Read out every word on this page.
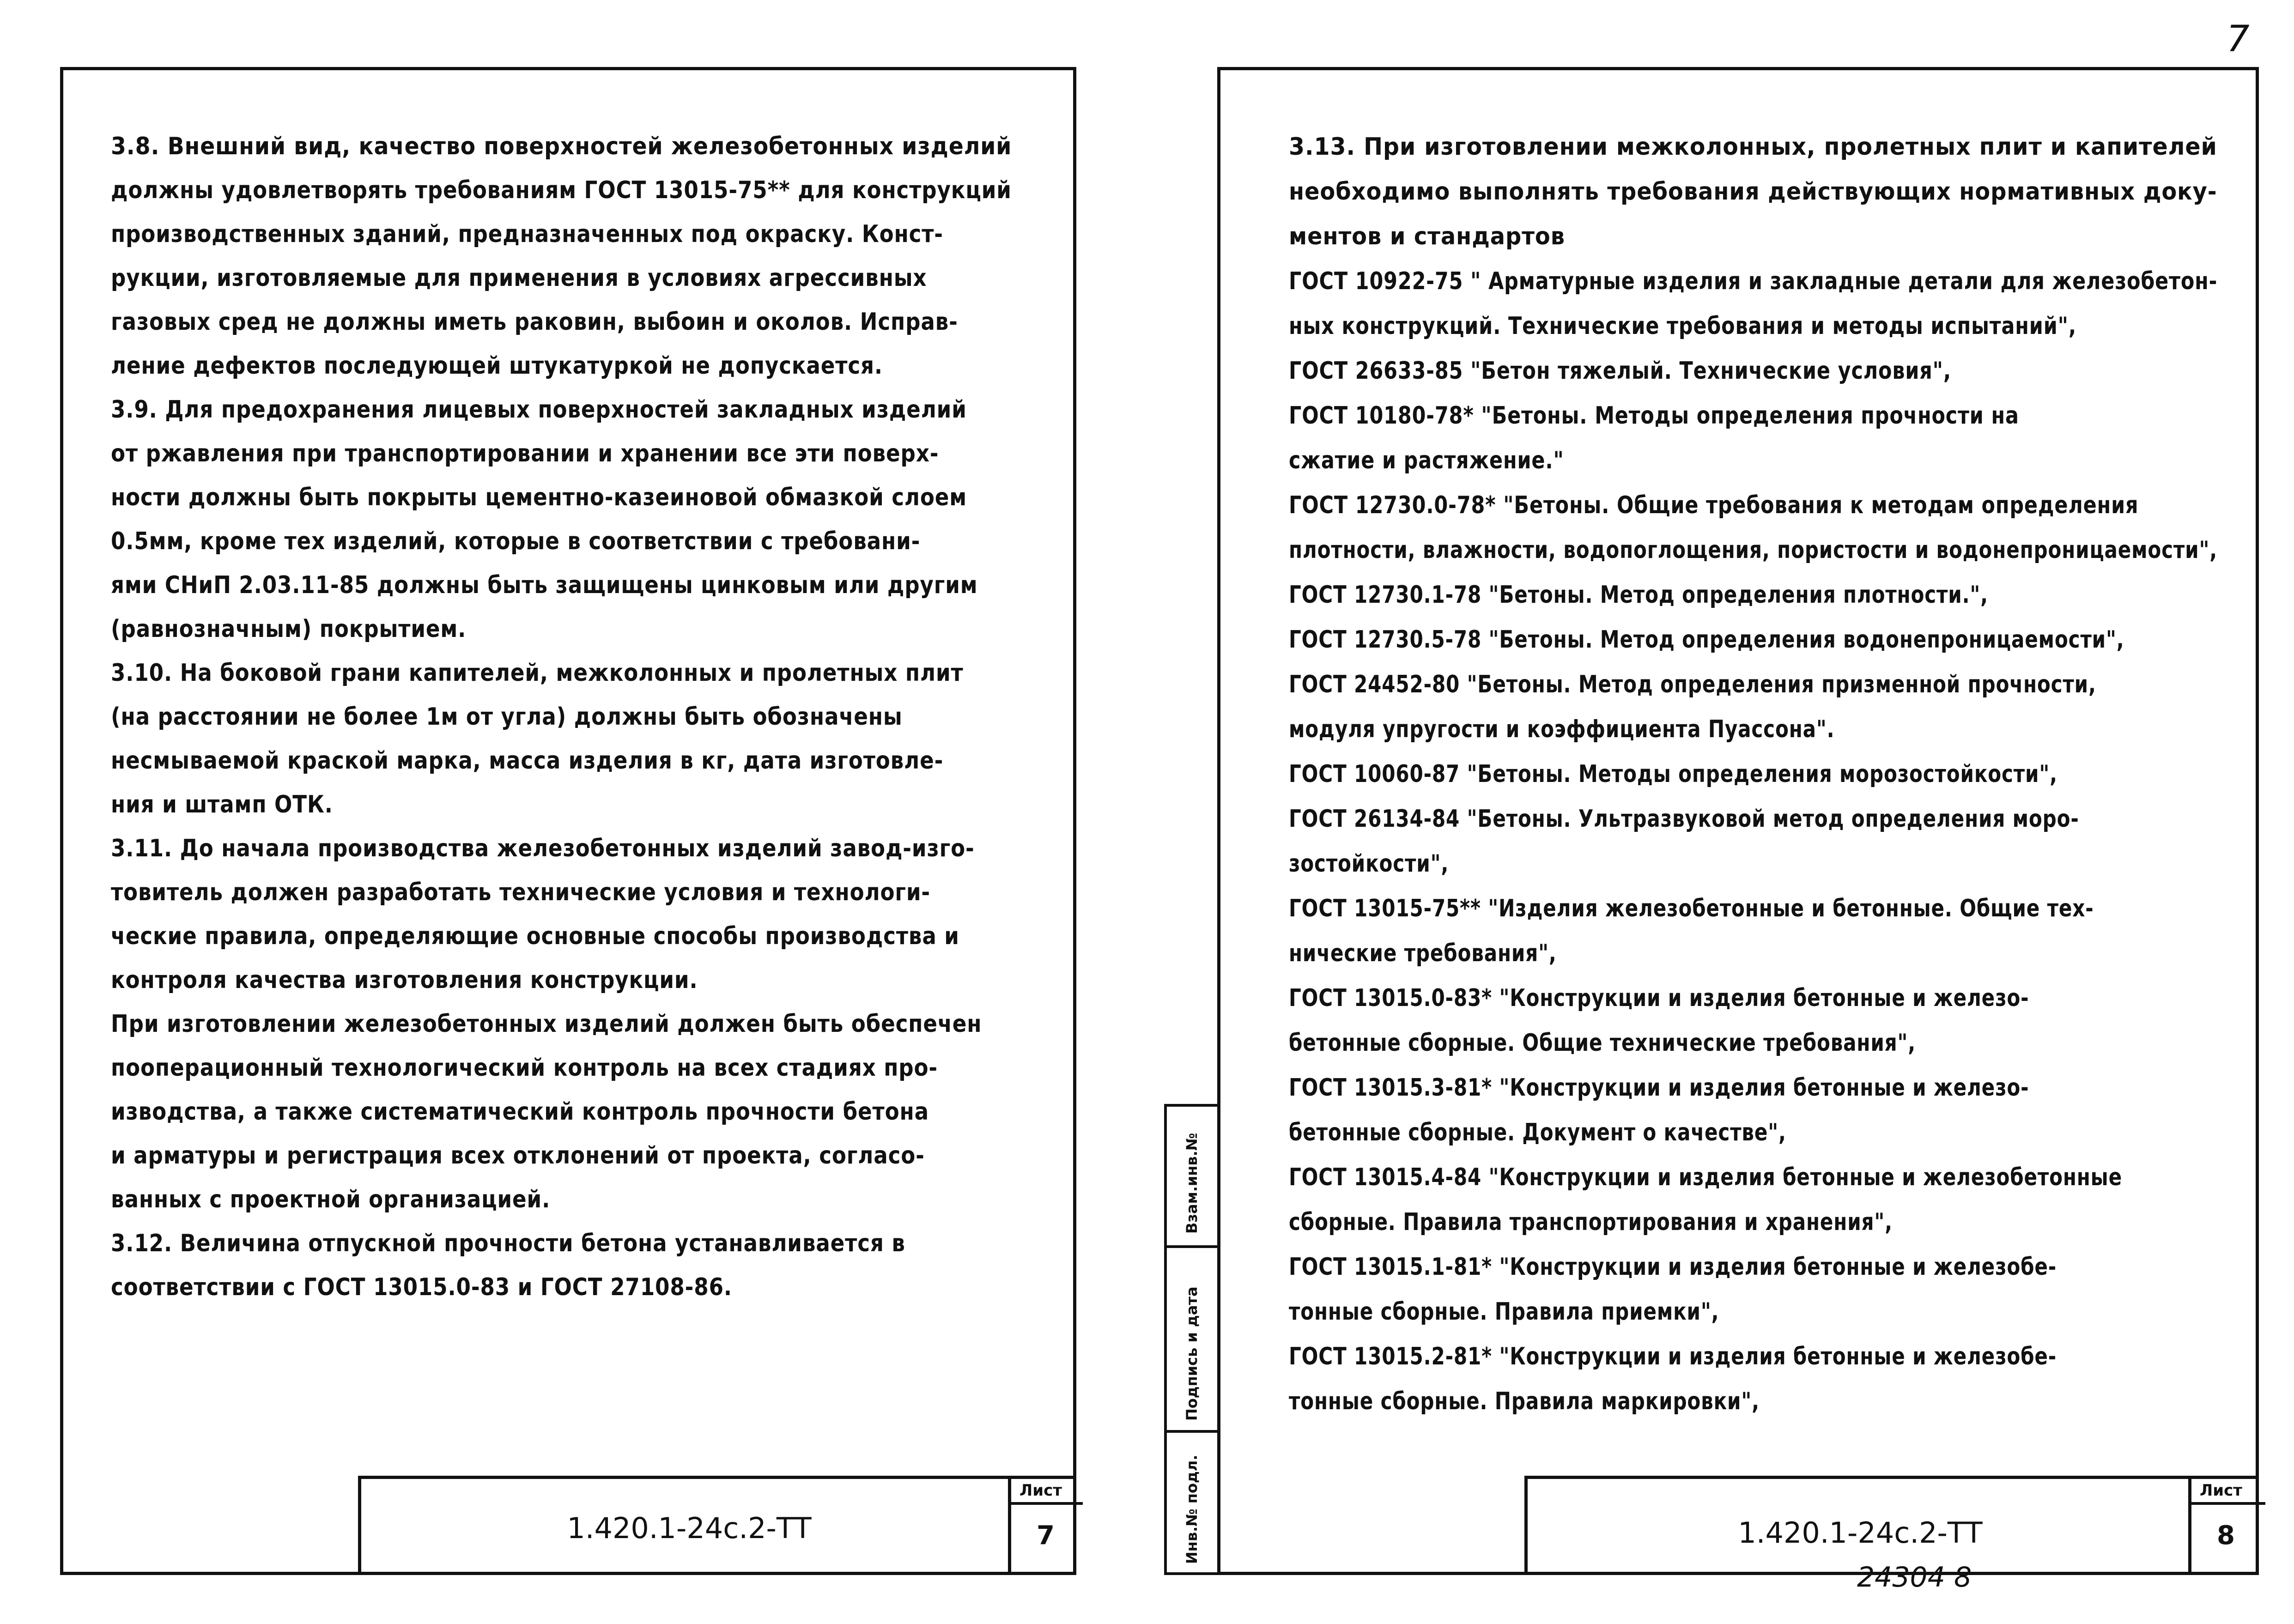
7

3.8. Внешний вид, качество поверхностей железобетонных изделий

должны удовлетворять требованиям ГОСТ 13015-75** для конструкций

производственных зданий, предназначенных под окраску. Конст-

рукции, изготовляемые для применения в условиях агрессивных

газовых сред не должны иметь раковин, выбоин и околов. Исправ-

ление дефектов последующей штукатуркой не допускается.

3.9. Для предохранения лицевых поверхностей закладных изделий

от ржавления при транспортировании и хранении все эти поверх-

ности должны быть покрыты цементно-казеиновой обмазкой слоем

0.5мм, кроме тех изделий, которые в соответствии с требовани-

ями СНиП 2.03.11-85 должны быть защищены цинковым или другим

(равнозначным) покрытием.

3.10. На боковой грани капителей, межколонных и пролетных плит

(на расстоянии не более 1м от угла) должны быть обозначены

несмываемой краской марка, масса изделия в кг, дата изготовле-

ния и штамп ОТК.

3.11. До начала производства железобетонных изделий завод-изго-

товитель должен разработать технические условия и технологи-

ческие правила, определяющие основные способы производства и

контроля качества изготовления конструкции.

При изготовлении железобетонных изделий должен быть обеспечен

пооперационный технологический контроль на всех стадиях про-

изводства, а также систематический контроль прочности бетона

и арматуры и регистрация всех отклонений от проекта, согласо-

ванных с проектной организацией.

3.12. Величина отпускной прочности бетона устанавливается в

соответствии с ГОСТ 13015.0-83 и ГОСТ 27108-86.

1.420.1-24с.2-ТТ
Лист
7
Взам.инв.№
Подпись и дата
Инв.№ подл.

3.13. При изготовлении межколонных, пролетных плит и капителей

необходимо выполнять требования действующих нормативных доку-

ментов и стандартов

ГОСТ 10922-75 " Арматурные изделия и закладные детали для железобетон-

ных конструкций. Технические требования и методы испытаний",

ГОСТ 26633-85 "Бетон тяжелый. Технические условия",

ГОСТ 10180-78* "Бетоны. Методы определения прочности на

сжатие и растяжение."

ГОСТ 12730.0-78* "Бетоны. Общие требования к методам определения

плотности, влажности, водопоглощения, пористости и водонепроницаемости",

ГОСТ 12730.1-78 "Бетоны. Метод определения плотности.",

ГОСТ 12730.5-78 "Бетоны. Метод определения водонепроницаемости",

ГОСТ 24452-80 "Бетоны. Метод определения призменной прочности,

модуля упругости и коэффициента Пуассона".

ГОСТ 10060-87 "Бетоны. Методы определения морозостойкости",

ГОСТ 26134-84 "Бетоны. Ультразвуковой метод определения моро-

зостойкости",

ГОСТ 13015-75** "Изделия железобетонные и бетонные. Общие тех-

нические требования",

ГОСТ 13015.0-83* "Конструкции и изделия бетонные и железо-

бетонные сборные. Общие технические требования",

ГОСТ 13015.3-81* "Конструкции и изделия бетонные и железо-

бетонные сборные. Документ о качестве",

ГОСТ 13015.4-84 "Конструкции и изделия бетонные и железобетонные

сборные. Правила транспортирования и хранения",

ГОСТ 13015.1-81* "Конструкции и изделия бетонные и железобе-

тонные сборные. Правила приемки",

ГОСТ 13015.2-81* "Конструкции и изделия бетонные и железобе-

тонные сборные. Правила маркировки",

1.420.1-24с.2-ТТ
Лист
8
24304 8
